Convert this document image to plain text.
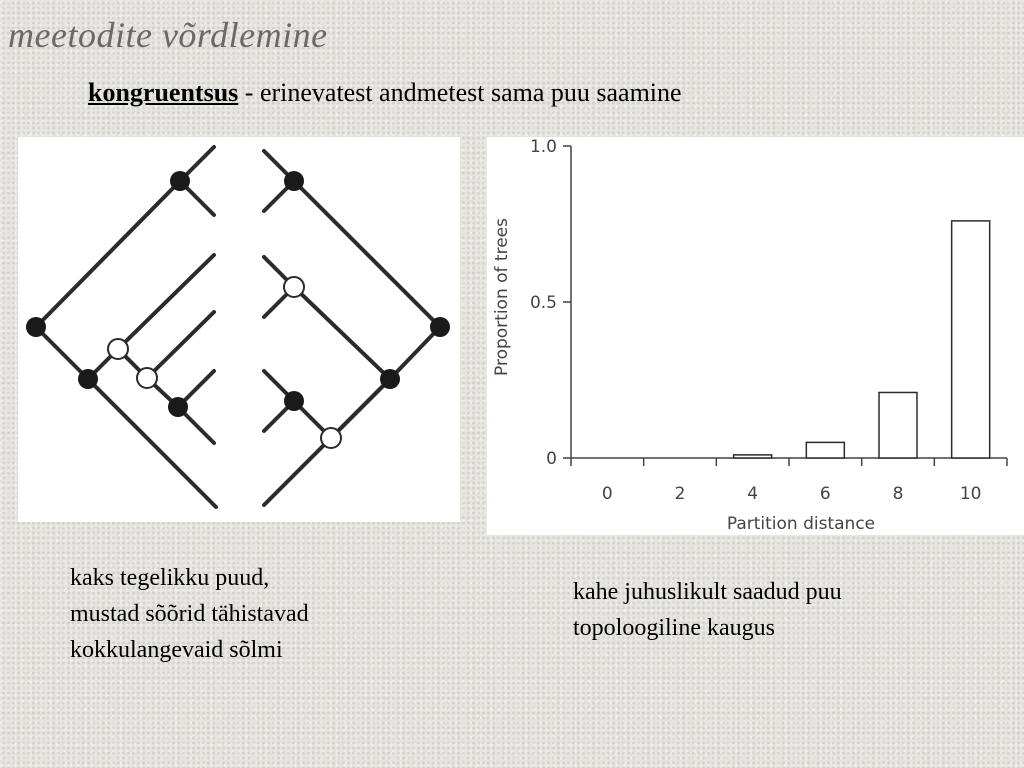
meetodite võrdlemine
kongruentsus - erinevatest andmetest sama puu saamine
0
0.5
1.0
0	2	4	6	8	10
Partition distance
Proportion of trees
kaks tegelikku puud,
mustad sõõrid tähistavad
kokkulangevaid sõlmi
kahe juhuslikult saadud puu
topoloogiline kaugus
